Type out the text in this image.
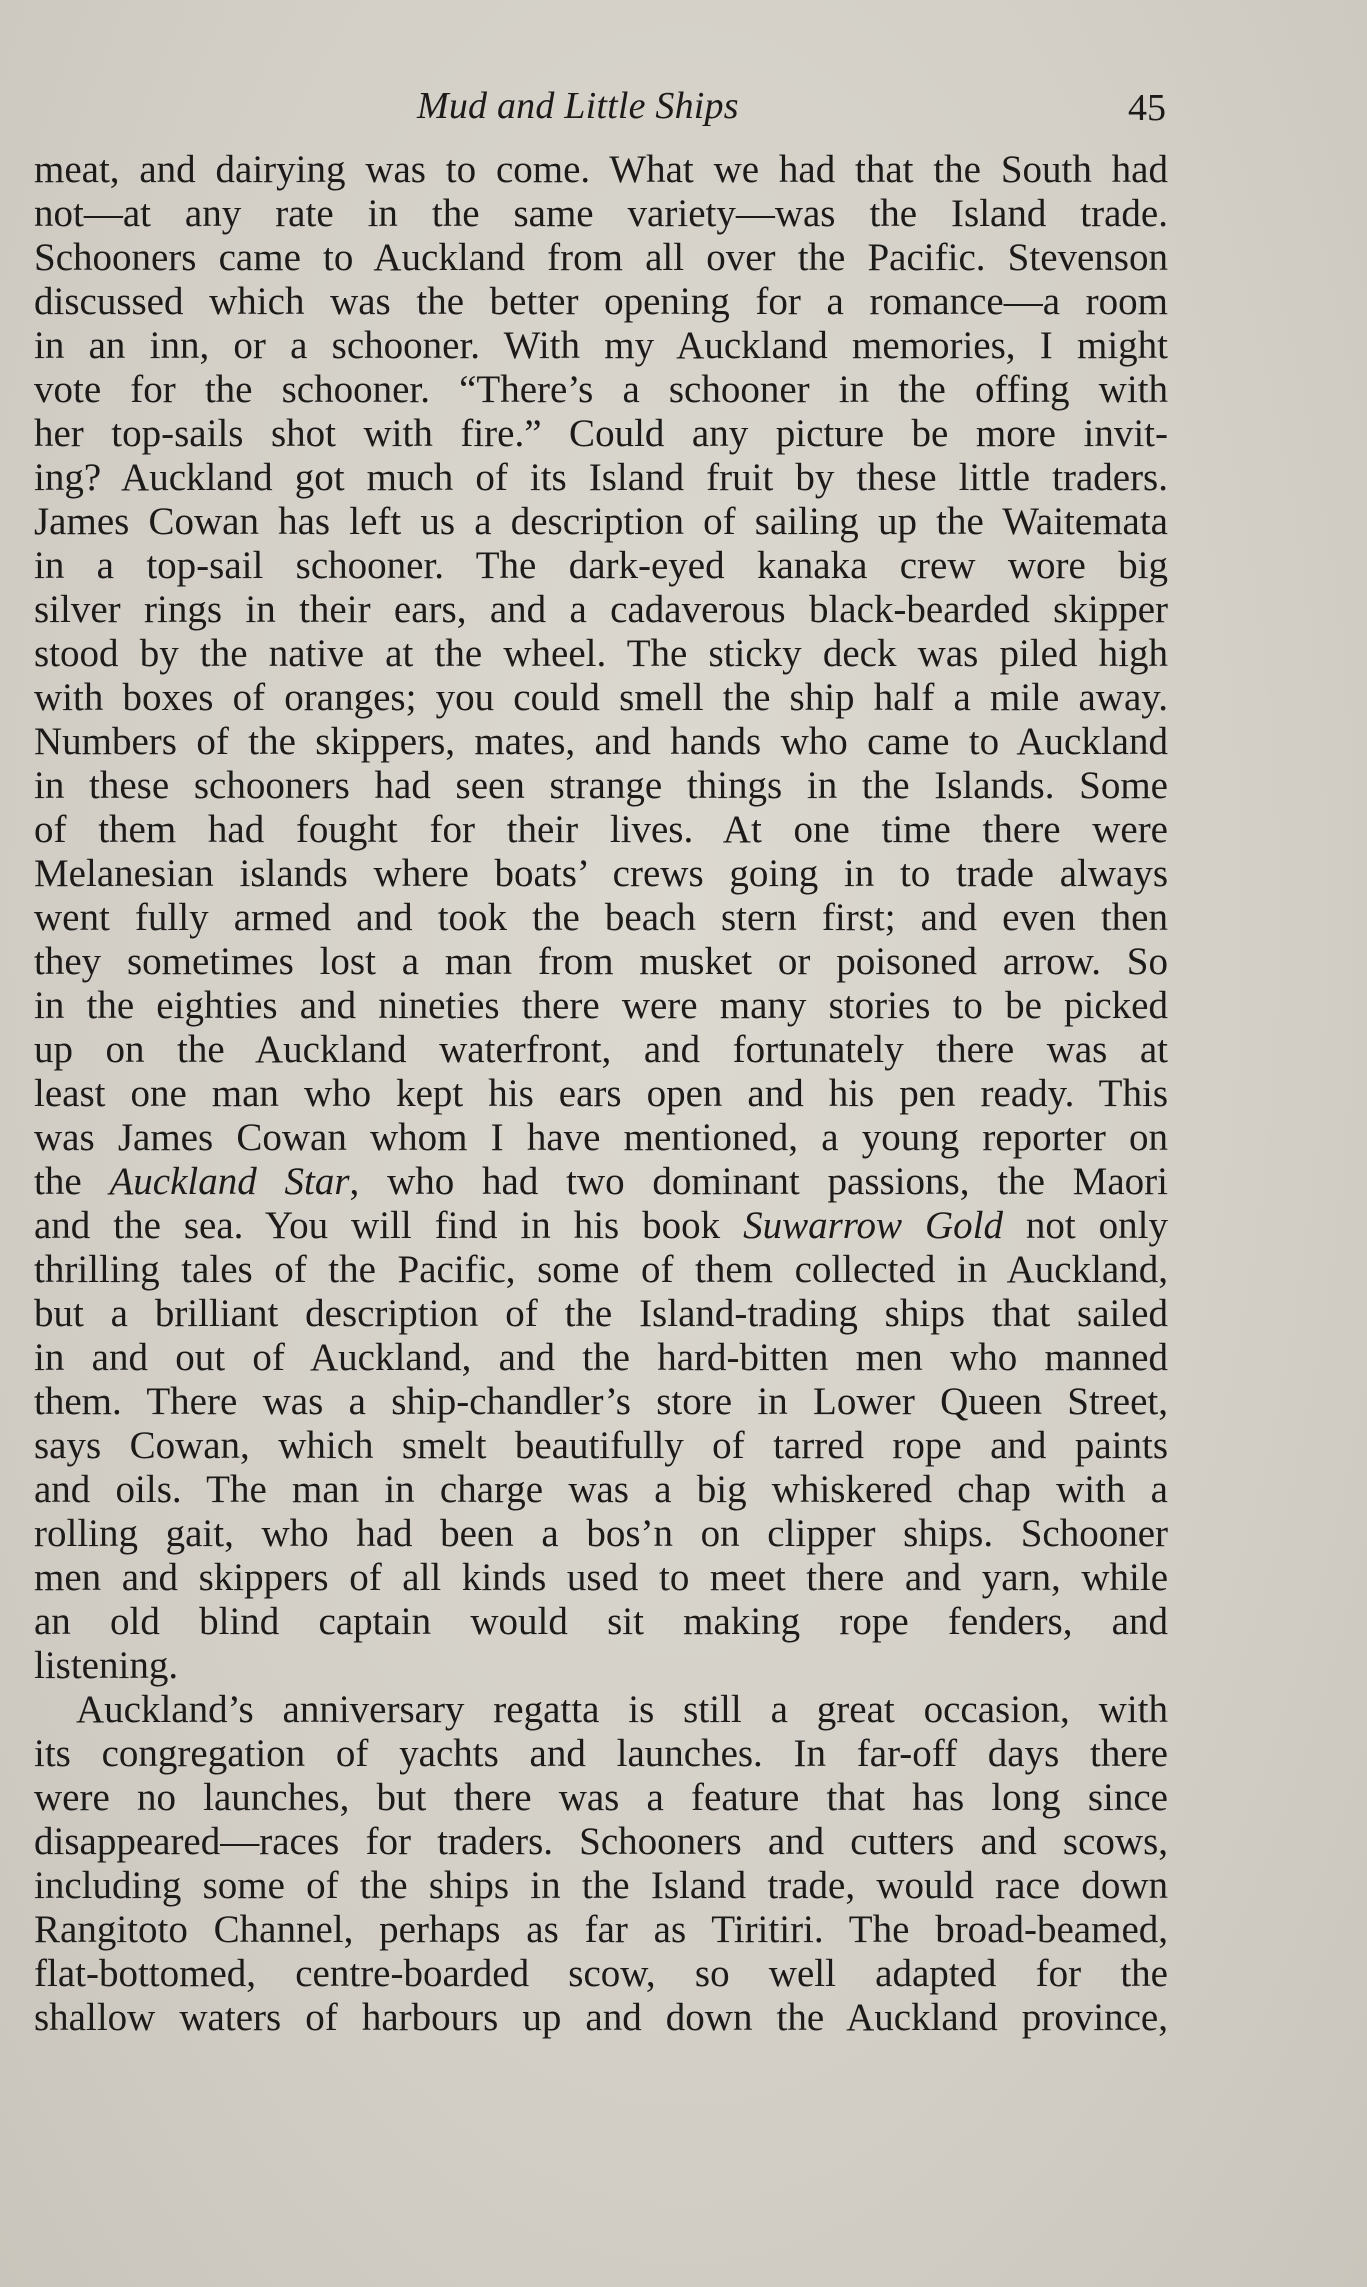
Mud and Little Ships	45
meat, and dairying was to come. What we had that the South had
not—at any rate in the same variety—was the Island trade.
Schooners came to Auckland from all over the Pacific. Stevenson
discussed which was the better opening for a romance—a room
in an inn, or a schooner. With my Auckland memories, I might
vote for the schooner. “There’s a schooner in the offing with
her top-sails shot with fire.” Could any picture be more invit-
ing? Auckland got much of its Island fruit by these little traders.
James Cowan has left us a description of sailing up the Waitemata
in a top-sail schooner. The dark-eyed kanaka crew wore big
silver rings in their ears, and a cadaverous black-bearded skipper
stood by the native at the wheel. The sticky deck was piled high
with boxes of oranges; you could smell the ship half a mile away.
Numbers of the skippers, mates, and hands who came to Auckland
in these schooners had seen strange things in the Islands. Some
of them had fought for their lives. At one time there were
Melanesian islands where boats’ crews going in to trade always
went fully armed and took the beach stern first; and even then
they sometimes lost a man from musket or poisoned arrow. So
in the eighties and nineties there were many stories to be picked
up on the Auckland waterfront, and fortunately there was at
least one man who kept his ears open and his pen ready. This
was James Cowan whom I have mentioned, a young reporter on
the Auckland Star, who had two dominant passions, the Maori
and the sea. You will find in his book Suwarrow Gold not only
thrilling tales of the Pacific, some of them collected in Auckland,
but a brilliant description of the Island-trading ships that sailed
in and out of Auckland, and the hard-bitten men who manned
them. There was a ship-chandler’s store in Lower Queen Street,
says Cowan, which smelt beautifully of tarred rope and paints
and oils. The man in charge was a big whiskered chap with a
rolling gait, who had been a bos’n on clipper ships. Schooner
men and skippers of all kinds used to meet there and yarn, while
an old blind captain would sit making rope fenders, and
listening.
Auckland’s anniversary regatta is still a great occasion, with
its congregation of yachts and launches. In far-off days there
were no launches, but there was a feature that has long since
disappeared—races for traders. Schooners and cutters and scows,
including some of the ships in the Island trade, would race down
Rangitoto Channel, perhaps as far as Tiritiri. The broad-beamed,
flat-bottomed, centre-boarded scow, so well adapted for the
shallow waters of harbours up and down the Auckland province,
